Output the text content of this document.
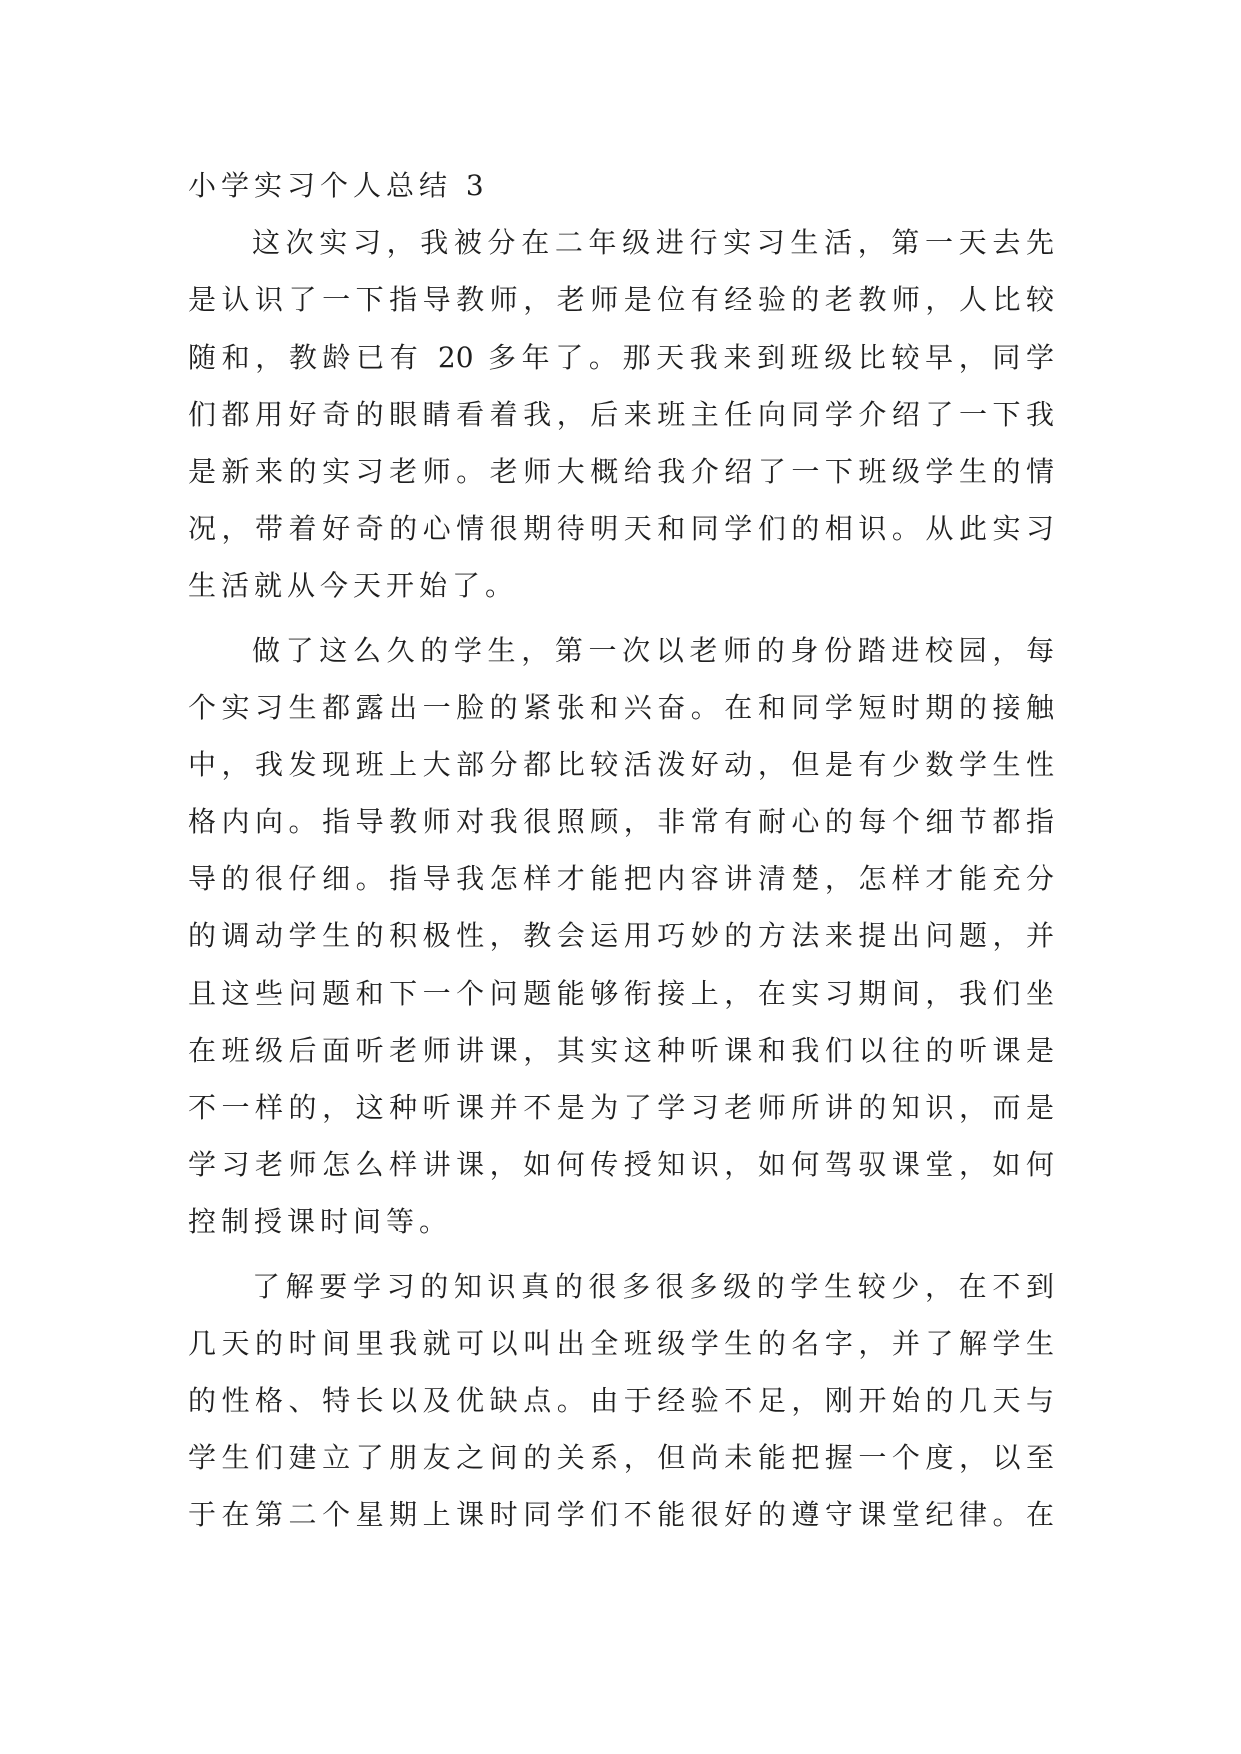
小学实习个人总结 3
这次实习，我被分在二年级进行实习生活，第一天去先
是认识了一下指导教师，老师是位有经验的老教师，人比较
随和，教龄已有 20 多年了。那天我来到班级比较早，同学
们都用好奇的眼睛看着我，后来班主任向同学介绍了一下我
是新来的实习老师。老师大概给我介绍了一下班级学生的情
况，带着好奇的心情很期待明天和同学们的相识。从此实习
生活就从今天开始了。
做了这么久的学生，第一次以老师的身份踏进校园，每
个实习生都露出一脸的紧张和兴奋。在和同学短时期的接触
中，我发现班上大部分都比较活泼好动，但是有少数学生性
格内向。指导教师对我很照顾，非常有耐心的每个细节都指
导的很仔细。指导我怎样才能把内容讲清楚，怎样才能充分
的调动学生的积极性，教会运用巧妙的方法来提出问题，并
且这些问题和下一个问题能够衔接上，在实习期间，我们坐
在班级后面听老师讲课，其实这种听课和我们以往的听课是
不一样的，这种听课并不是为了学习老师所讲的知识，而是
学习老师怎么样讲课，如何传授知识，如何驾驭课堂，如何
控制授课时间等。
了解要学习的知识真的很多很多级的学生较少，在不到
几天的时间里我就可以叫出全班级学生的名字，并了解学生
的性格、特长以及优缺点。由于经验不足，刚开始的几天与
学生们建立了朋友之间的关系，但尚未能把握一个度，以至
于在第二个星期上课时同学们不能很好的遵守课堂纪律。在
